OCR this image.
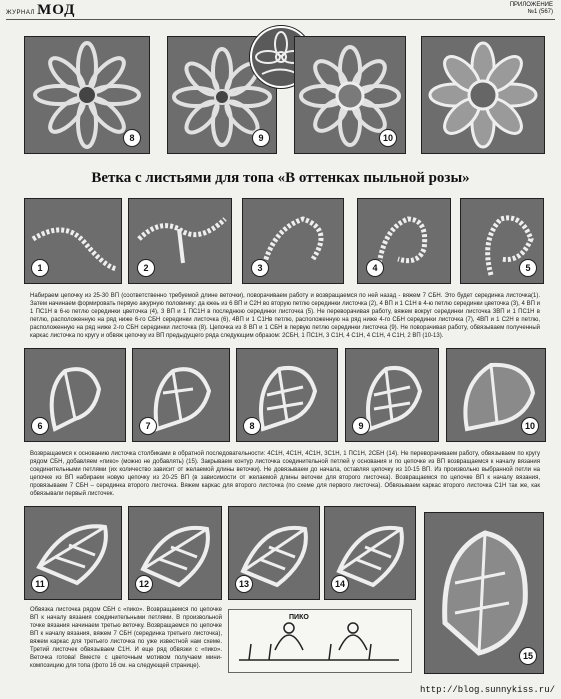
ЖУРНАЛ МОД	ПРИЛОЖЕНИЕ
№1 (567)
8	9	10
Ветка с листьями для топа «В оттенках пыльной розы»
1	2	3	4	5
Набираем цепочку из 25-30 ВП (соответственно требуемой длине веточки), поворачиваем работу и возвращаемся по ней назад - вяжем 7 СБН. Это будет серединка листочка(1). Затем начинаем формировать первую ажурную половинку: да кжеь из 6 ВП и С2Н во вторую петлю серединки листочка (2), 4 ВП и 1 С1Н в 4-ю петлю серединки цветочка (3), 4 ВП и 1 ПС1Н в 6-ю петлю серединки цветочка (4), 3 ВП и 1 ПС1Н в последнюю серединки листочка (5). Не переворачивая работу, вяжем вокруг серединки листочка 3ВП и 1 ПС1Н в петлю, расположенную на ряд ниже 6-го СБН серединки листочка (6), 4ВП и 1 С1Нв петлю, расположенную на ряд ниже 4-го СБН серединки листочка (7), 4ВП и 1 С2Н в петлю, расположенную на ряд ниже 2-го СБН серединки листочка (8). Цепочка из 8 ВП и 1 СБН в первую петлю серединки листочка (9). Не поворачивая работу, обвязываем полученный каркас листочка по кругу и обвяж цепочку из ВП предыдущего ряда следующим образом: 2СБН, 1 ПС1Н, 3 С1Н, 4 С1Н, 4 С1Н, 4 С1Н, 2 ВП (10-13).
6	7	8	9	10
Возвращаемся к основанию листочка столбиками в обратной последовательности: 4С1Н, 4С1Н, 4С1Н, 3С1Н, 1 ПС1Н, 2СБН (14). Не переворачиваем работу, обвязываем по кругу рядом СБН, добавляем «пико» (можно не добавлять) (15). Закрываем контур листочка соединительной петлей у основания и по цепочке из ВП возвращаемся к началу вязания соединительными петлями (их количество зависит от желаемой длины веточки). Не довязываем до начала, оставляя цепочку из 10-15 ВП. Из произвольно выбранной петли на цепочке из ВП набираем новую цепочку из 20-25 ВП (в зависимости от желаемой длины веточки для второго листочка). Возвращаемся по цепочке ВП к началу вязания, провязываем 7 СБН – серединка второго листочка. Вяжем каркас для второго листочка (по схеме для первого листочка). Обвязываем каркас второго листочка С1Н так же, как обвязывали первый листочек.
11	12	13	14
15
Обвязка листочка рядом СБН с «пико». Возвращаемся по цепочке ВП к началу вязания соединительными петлями. В произвольной точке вязания начинаем третью веточку. Возвращаемся по цепочке ВП к началу вязания, вяжем 7 СБН (серединка третьего листочка), вяжем каркас для третьего листочка по уже известной нам схеме. Третий листочек обвязываем С1Н. И еще ряд обвязки с «пико». Веточка готова! Вместе с цветочным мотивом получаем мини-композицию для топа (фото 16 см. на следующей странице).
ПИКО
http://blog.sunnykiss.ru/
